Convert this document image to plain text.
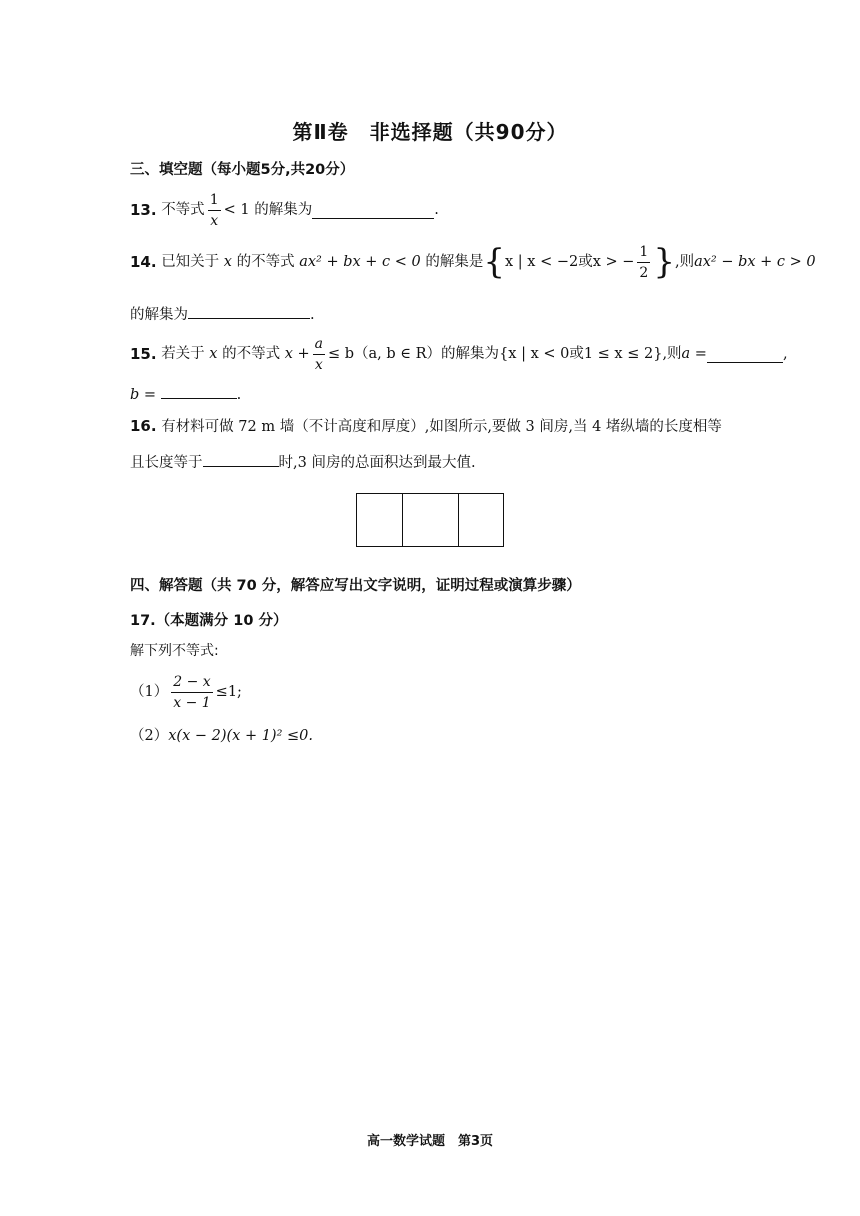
第Ⅱ卷　非选择题（共90分）
三、填空题（每小题5分,共20分）
13.
不等式 $\frac{1}{x} < 1$ 的解集为	.
14.
已知关于
x
的不等式
ax² + bx + c < 0
的解集是 { x | x < −2或x > − $\frac{1}{2}$ } ,则 ax² − bx + c > 0
的解集为	.
15.
若关于
x
的不等式
$x + \frac{a}{x} \le b(a$, b ∈ R）的解集为 {x | x < 0或1 ≤ x ≤ 2} ,则 a =	,
b =	.
16. 有材料可做 72 m 墙（不计高度和厚度）,如图所示,要做 3 间房,当 4 堵纵墙的长度相等
且长度等于	时,3 间房的总面积达到最大值.
四、解答题（共 70 分，解答应写出文字说明，证明过程或演算步骤）
17.（本题满分 10 分）
解下列不等式:
$(1) \frac{2 - x}{x - 1} \le 1$;
（2）x(x − 2)(x + 1)² ≤0.
高一数学试题　第3页
